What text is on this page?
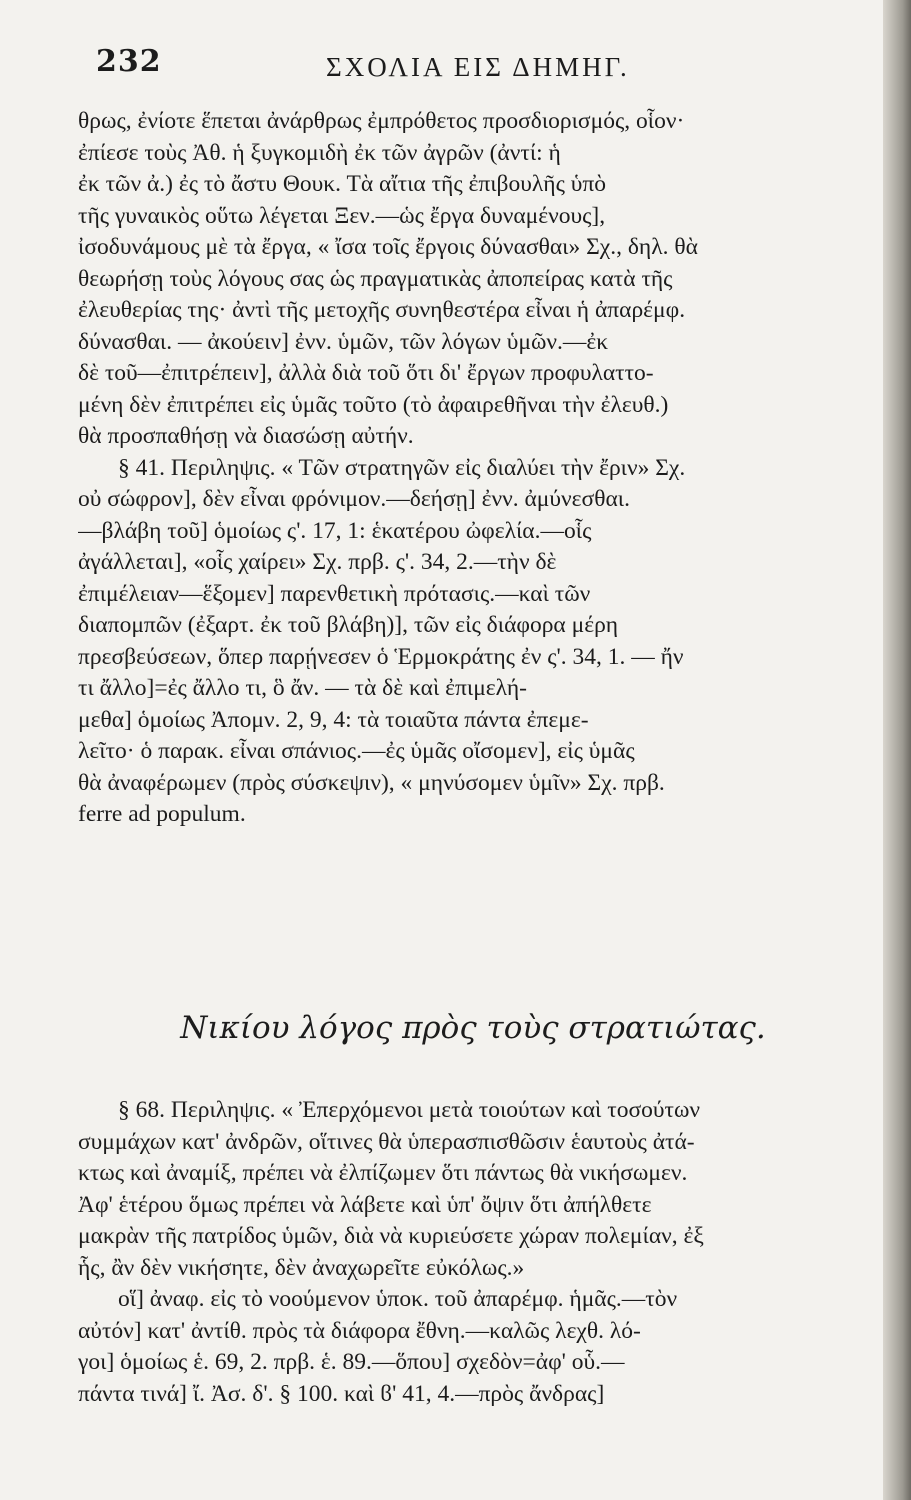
232	ΣΧΟΛΙΑ ΕΙΣ ΔΗΜΗΓ.
θρως, ἐνίοτε ἕπεται ἀνάρθρως ἐμπρόθετος προσδιορισμός, οἷον·
ἐπίεσε τοὺς Ἀθ. ἡ ξυγκομιδὴ ἐκ τῶν ἀγρῶν (ἀντί: ἡ
ἐκ τῶν ἀ.) ἐς τὸ ἄστυ Θουκ. Τὰ αἴτια τῆς ἐπιβουλῆς ὑπὸ
τῆς γυναικὸς οὕτω λέγεται Ξεν.—ὡς ἔργα δυναμένους],
ἰσοδυνάμους μὲ τὰ ἔργα, « ἴσα τοῖς ἔργοις δύνασθαι» Σχ., δηλ. θὰ
θεωρήσῃ τοὺς λόγους σας ὡς πραγματικὰς ἀποπείρας κατὰ τῆς
ἐλευθερίας της· ἀντὶ τῆς μετοχῆς συνηθεστέρα εἶναι ἡ ἀπαρέμφ.
δύνασθαι. — ἀκούειν] ἐνν. ὑμῶν, τῶν λόγων ὑμῶν.—ἐκ
δὲ τοῦ—ἐπιτρέπειν], ἀλλὰ διὰ τοῦ ὅτι δι' ἔργων προφυλαττο-
μένη δὲν ἐπιτρέπει εἰς ὑμᾶς τοῦτο (τὸ ἀφαιρεθῆναι τὴν ἐλευθ.)
θὰ προσπαθήσῃ νὰ διασώσῃ αὐτήν.
§ 41. Περιληψις. « Τῶν στρατηγῶν εἰς διαλύει τὴν ἔριν» Σχ.
οὐ σώφρον], δὲν εἶναι φρόνιμον.—δεήσῃ] ἐνν. ἀμύνεσθαι.
—βλάβη τοῦ] ὁμοίως ς'. 17, 1: ἑκατέρου ὠφελία.—οἷς
ἀγάλλεται], «οἷς χαίρει» Σχ. πρβ. ς'. 34, 2.—τὴν δὲ
ἐπιμέλειαν—ἕξομεν] παρενθετικὴ πρότασις.—καὶ τῶν
διαπομπῶν (ἐξαρτ. ἐκ τοῦ βλάβη)], τῶν εἰς διάφορα μέρη
πρεσβεύσεων, ὅπερ παρῄνεσεν ὁ Ἑρμοκράτης ἐν ς'. 34, 1. — ἤν
τι ἄλλο]=ἐς ἄλλο τι, ὃ ἄν. — τὰ δὲ καὶ ἐπιμελή-
μεθα] ὁμοίως Ἀπομν. 2, 9, 4: τὰ τοιαῦτα πάντα ἐπεμε-
λεῖτο· ὁ παρακ. εἶναι σπάνιος.—ἐς ὑμᾶς οἴσομεν], εἰς ὑμᾶς
θὰ ἀναφέρωμεν (πρὸς σύσκεψιν), « μηνύσομεν ὑμῖν» Σχ. πρβ.
ferre ad populum.
Νικίου λόγος πρὸς τοὺς στρατιώτας.
§ 68. Περιληψις. « Ἐπερχόμενοι μετὰ τοιούτων καὶ τοσούτων
συμμάχων κατ' ἀνδρῶν, οἵτινες θὰ ὑπερασπισθῶσιν ἑαυτοὺς ἀτά-
κτως καὶ ἀναμίξ, πρέπει νὰ ἐλπίζωμεν ὅτι πάντως θὰ νικήσωμεν.
Ἀφ' ἑτέρου ὅμως πρέπει νὰ λάβετε καὶ ὑπ' ὄψιν ὅτι ἀπήλθετε
μακρὰν τῆς πατρίδος ὑμῶν, διὰ νὰ κυριεύσετε χώραν πολεμίαν, ἐξ
ἧς, ἂν δὲν νικήσητε, δὲν ἀναχωρεῖτε εὐκόλως.»
οἵ] ἀναφ. εἰς τὸ νοούμενον ὑποκ. τοῦ ἀπαρέμφ. ἡμᾶς.—τὸν
αὐτόν] κατ' ἀντίθ. πρὸς τὰ διάφορα ἔθνη.—καλῶς λεχθ. λό-
γοι] ὁμοίως ἑ. 69, 2. πρβ. ἑ. 89.—ὅπου] σχεδὸν=ἀφ' οὗ.—
πάντα τινά] ἴ. Ἀσ. δ'. § 100. καὶ ϐ' 41, 4.—πρὸς ἄνδρας]
